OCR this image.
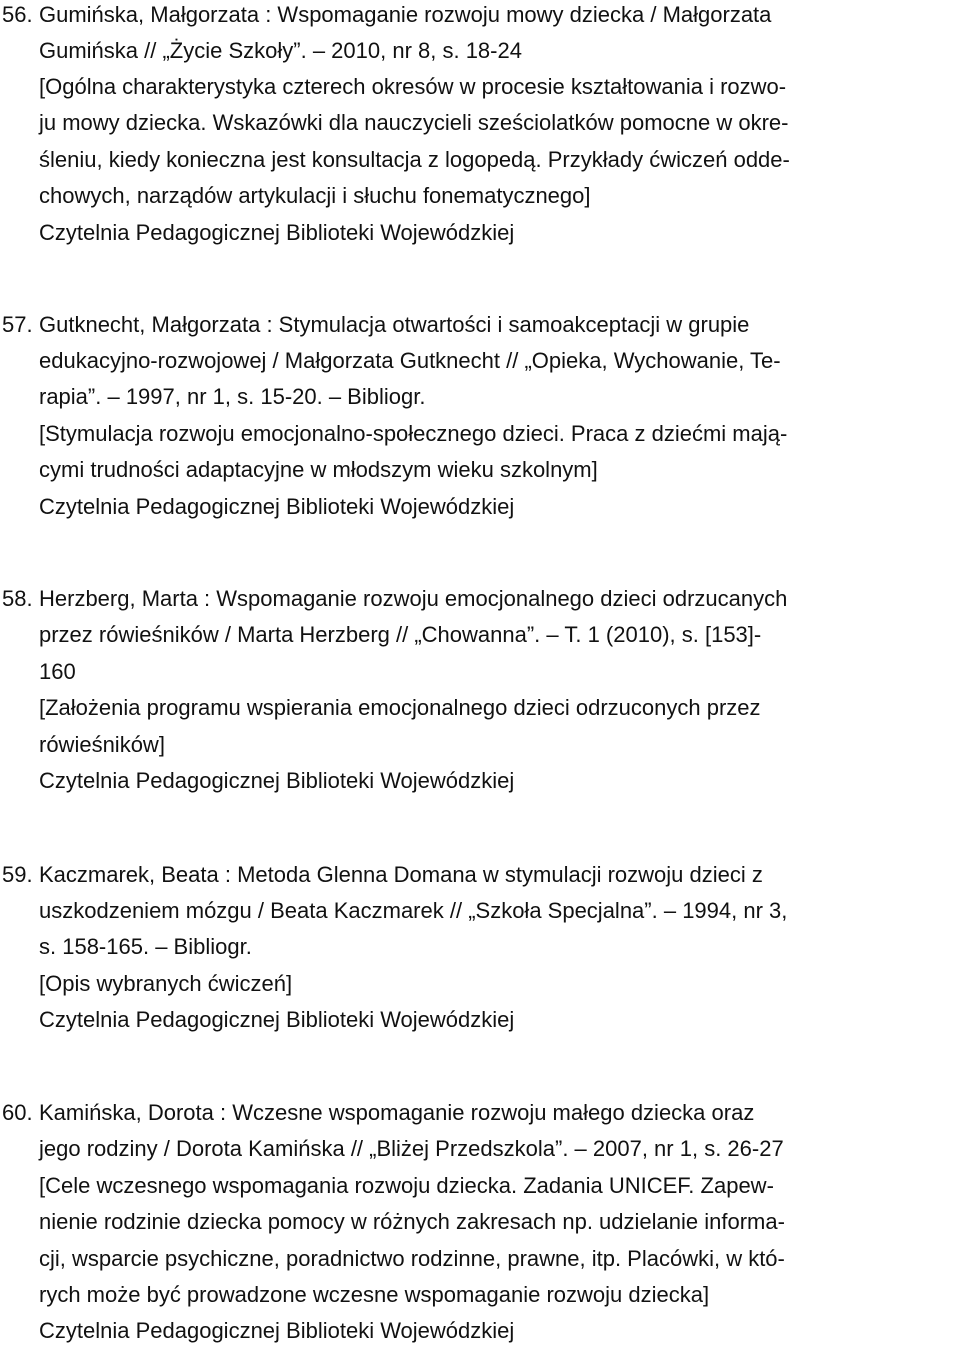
56. Gumińska, Małgorzata : Wspomaganie rozwoju mowy dziecka / Małgorzata
Gumińska // „Życie Szkoły”. – 2010, nr 8, s. 18-24
[Ogólna charakterystyka czterech okresów w procesie kształtowania i rozwo-
ju mowy dziecka. Wskazówki dla nauczycieli sześciolatków pomocne w okre-
śleniu, kiedy konieczna jest konsultacja z logopedą. Przykłady ćwiczeń odde-
chowych, narządów artykulacji i słuchu fonematycznego]
Czytelnia Pedagogicznej Biblioteki Wojewódzkiej
57. Gutknecht, Małgorzata : Stymulacja otwartości i samoakceptacji w grupie
edukacyjno-rozwojowej / Małgorzata Gutknecht // „Opieka, Wychowanie, Te-
rapia”. – 1997, nr 1, s. 15-20. – Bibliogr.
[Stymulacja rozwoju emocjonalno-społecznego dzieci. Praca z dziećmi mają-
cymi trudności adaptacyjne w młodszym wieku szkolnym]
Czytelnia Pedagogicznej Biblioteki Wojewódzkiej
58. Herzberg, Marta : Wspomaganie rozwoju emocjonalnego dzieci odrzucanych
przez rówieśników / Marta Herzberg // „Chowanna”. – T. 1 (2010), s. [153]-
160
[Założenia programu wspierania emocjonalnego dzieci odrzuconych przez
rówieśników]
Czytelnia Pedagogicznej Biblioteki Wojewódzkiej
59. Kaczmarek, Beata : Metoda Glenna Domana w stymulacji rozwoju dzieci z
uszkodzeniem mózgu / Beata Kaczmarek // „Szkoła Specjalna”. – 1994, nr 3,
s. 158-165. – Bibliogr.
[Opis wybranych ćwiczeń]
Czytelnia Pedagogicznej Biblioteki Wojewódzkiej
60. Kamińska, Dorota : Wczesne wspomaganie rozwoju małego dziecka oraz
jego rodziny / Dorota Kamińska // „Bliżej Przedszkola”. – 2007, nr 1, s. 26-27
[Cele wczesnego wspomagania rozwoju dziecka. Zadania UNICEF. Zapew-
nienie rodzinie dziecka pomocy w różnych zakresach np. udzielanie informa-
cji, wsparcie psychiczne, poradnictwo rodzinne, prawne, itp. Placówki, w któ-
rych może być prowadzone wczesne wspomaganie rozwoju dziecka]
Czytelnia Pedagogicznej Biblioteki Wojewódzkiej
